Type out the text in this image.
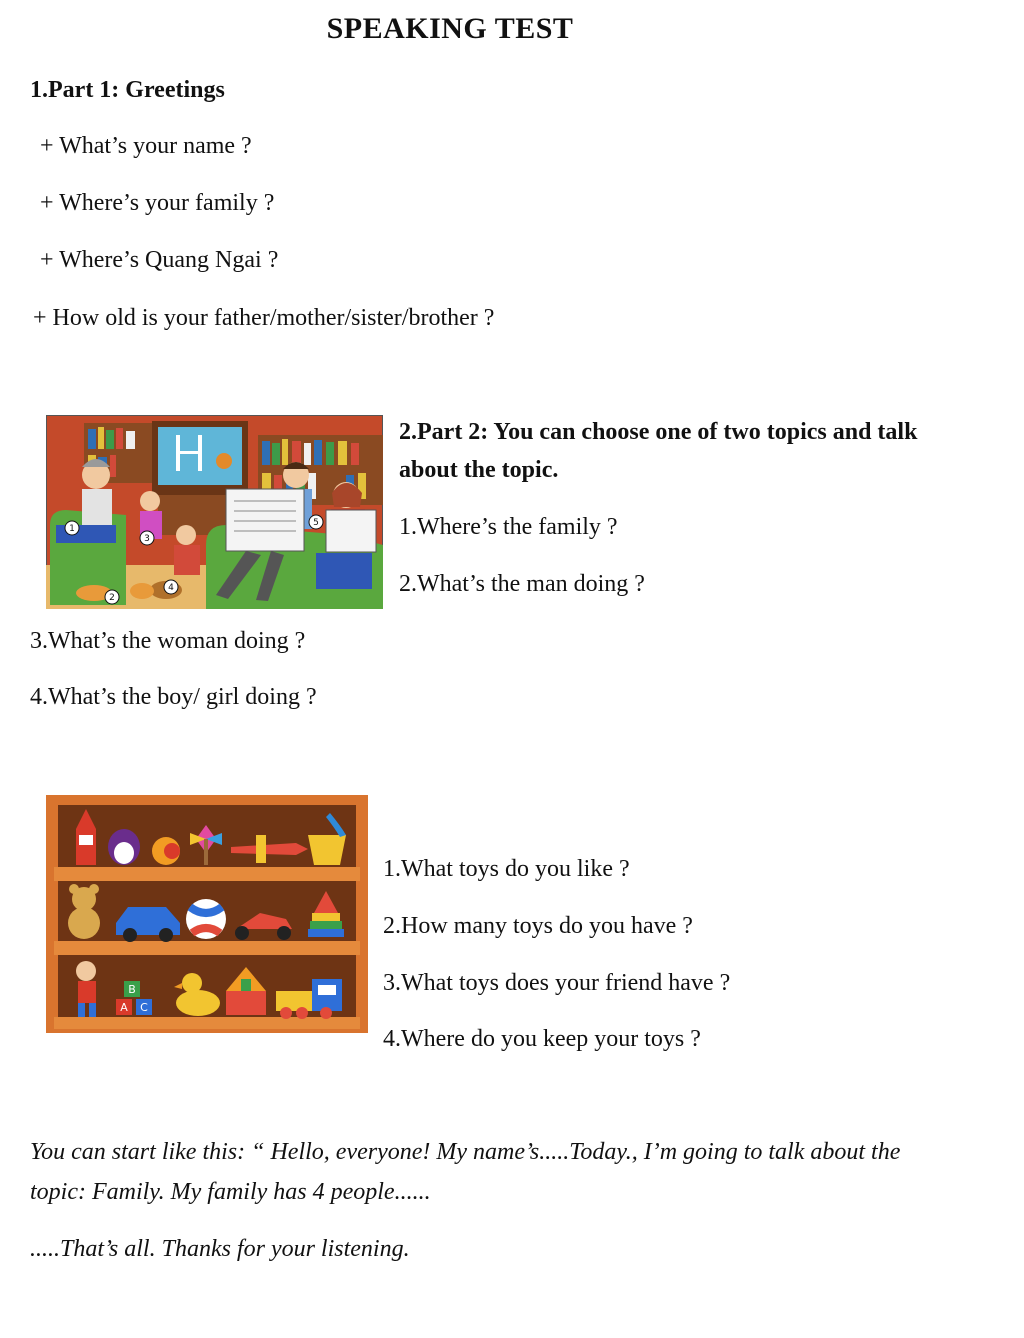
SPEAKING TEST
1.Part 1: Greetings
+ What’s your name ?
+ Where’s your family ?
+ Where’s Quang Ngai ?
+ How old is your father/mother/sister/brother ?
1
2
3
4
5
2.Part 2: You can choose one of two topics and talk
about the topic.
1.Where’s the family ?
2.What’s the man doing ?
3.What’s the woman doing ?
4.What’s the boy/ girl doing ?
B
A C
1.What toys do you like ?
2.How many toys do you have ?
3.What toys does your friend have ?
4.Where do you keep your toys ?
You can start like this: “ Hello, everyone! My name’s.....Today., I’m going to talk about the
topic: Family. My family has 4 people......
.....That’s all. Thanks for your listening.
